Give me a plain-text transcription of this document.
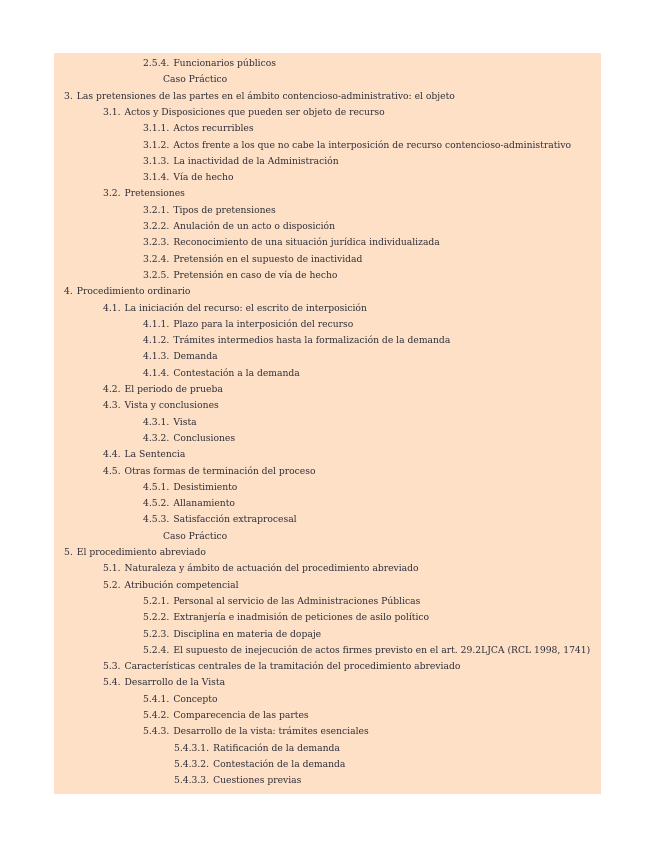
2.5.4. Funcionarios públicos
Caso Práctico
3. Las pretensiones de las partes en el ámbito contencioso-administrativo: el objeto
3.1. Actos y Disposiciones que pueden ser objeto de recurso
3.1.1. Actos recurribles
3.1.2. Actos frente a los que no cabe la interposición de recurso contencioso-administrativo
3.1.3. La inactividad de la Administración
3.1.4. Vía de hecho
3.2. Pretensiones
3.2.1. Tipos de pretensiones
3.2.2. Anulación de un acto o disposición
3.2.3. Reconocimiento de una situación jurídica individualizada
3.2.4. Pretensión en el supuesto de inactividad
3.2.5. Pretensión en caso de vía de hecho
4. Procedimiento ordinario
4.1. La iniciación del recurso: el escrito de interposición
4.1.1. Plazo para la interposición del recurso
4.1.2. Trámites intermedios hasta la formalización de la demanda
4.1.3. Demanda
4.1.4. Contestación a la demanda
4.2. El periodo de prueba
4.3. Vista y conclusiones
4.3.1. Vista
4.3.2. Conclusiones
4.4. La Sentencia
4.5. Otras formas de terminación del proceso
4.5.1. Desistimiento
4.5.2. Allanamiento
4.5.3. Satisfacción extraprocesal
Caso Práctico
5. El procedimiento abreviado
5.1. Naturaleza y ámbito de actuación del procedimiento abreviado
5.2. Atribución competencial
5.2.1. Personal al servicio de las Administraciones Públicas
5.2.2. Extranjería e inadmisión de peticiones de asilo político
5.2.3. Disciplina en materia de dopaje
5.2.4. El supuesto de inejecución de actos firmes previsto en el art. 29.2LJCA (RCL 1998, 1741)
5.3. Características centrales de la tramitación del procedimiento abreviado
5.4. Desarrollo de la Vista
5.4.1. Concepto
5.4.2. Comparecencia de las partes
5.4.3. Desarrollo de la vista: trámites esenciales
5.4.3.1. Ratificación de la demanda
5.4.3.2. Contestación de la demanda
5.4.3.3. Cuestiones previas
